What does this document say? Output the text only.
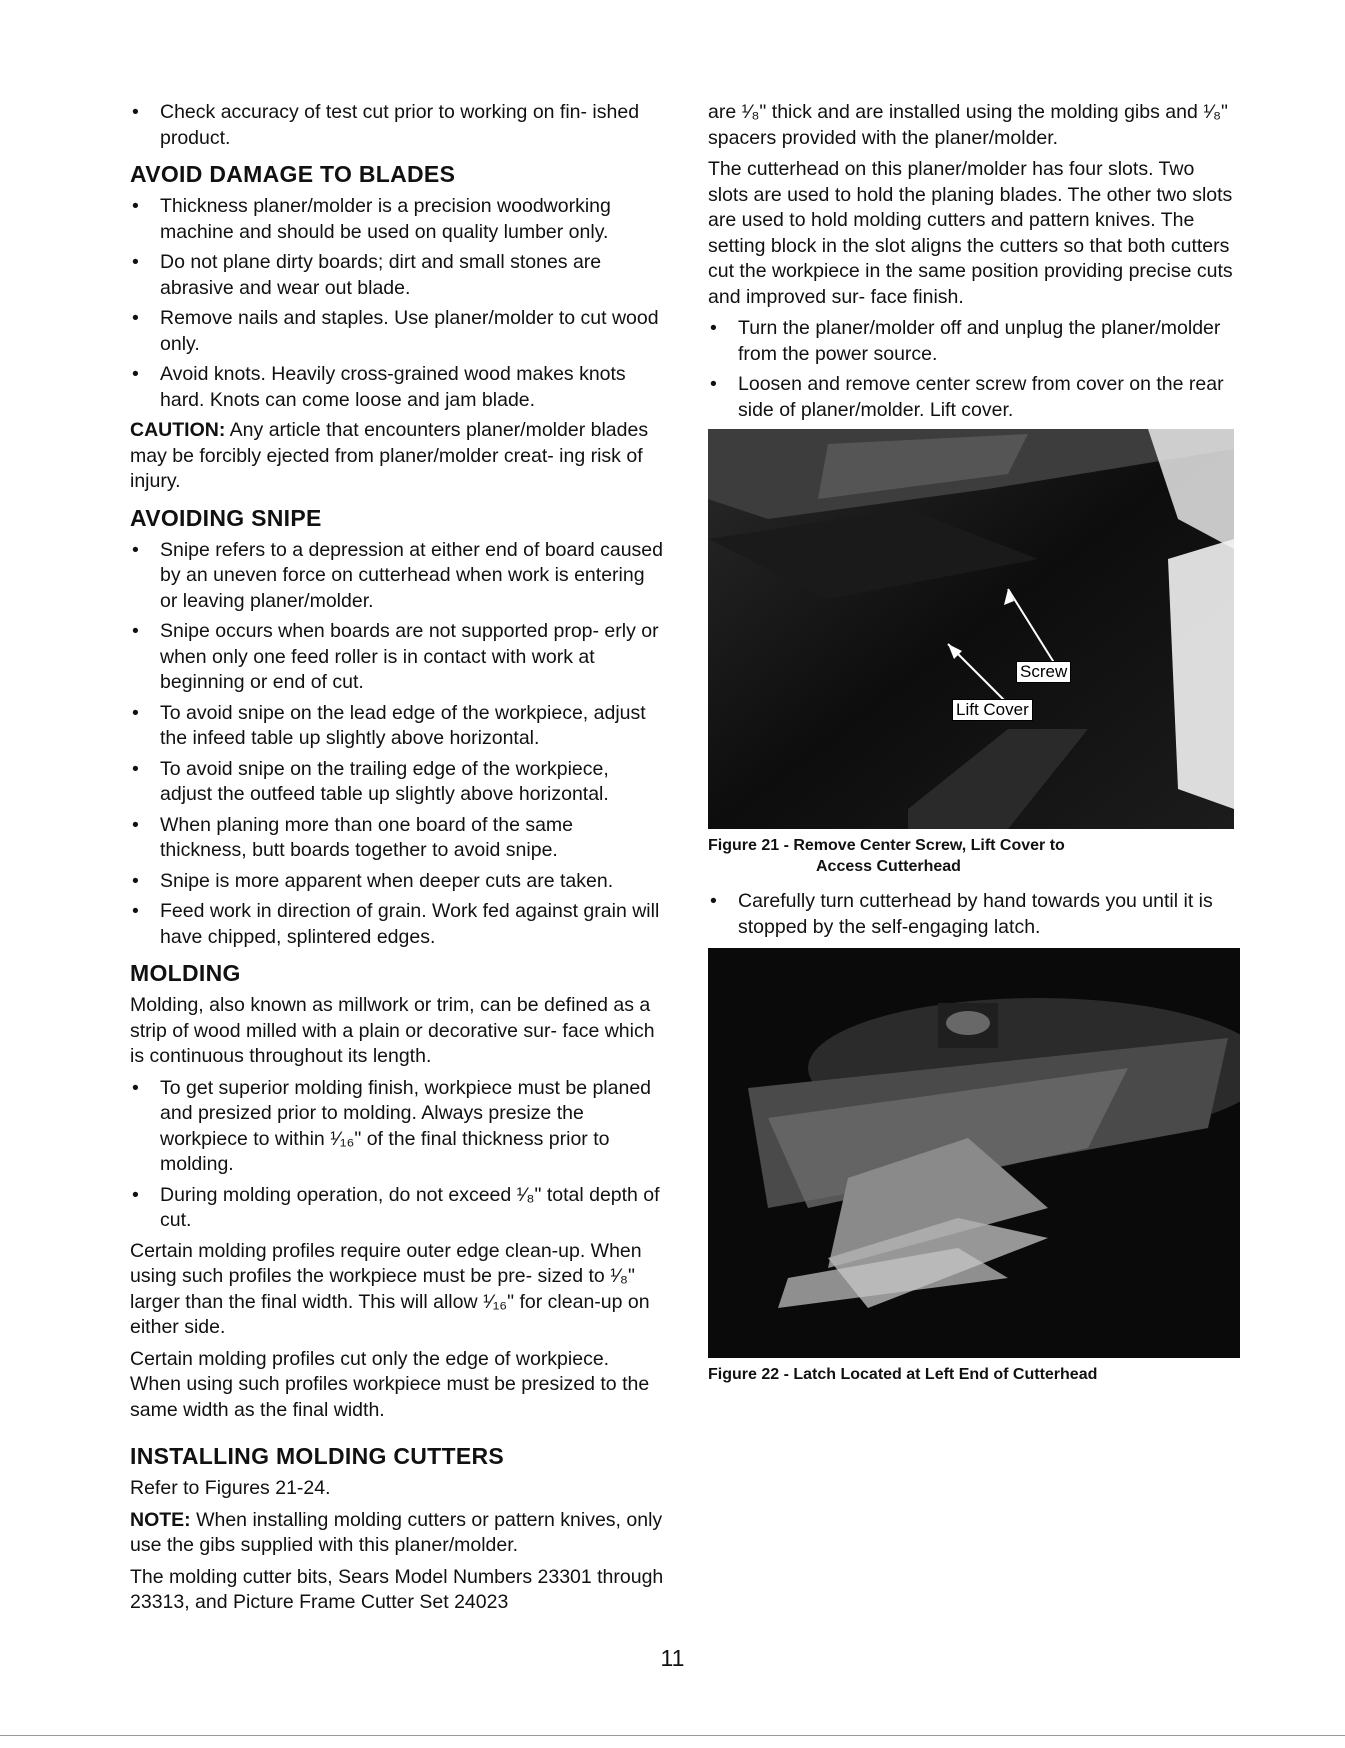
• Check accuracy of test cut prior to working on fin- ished product.
AVOID DAMAGE TO BLADES
• Thickness planer/molder is a precision woodworking machine and should be used on quality lumber only.
• Do not plane dirty boards; dirt and small stones are abrasive and wear out blade.
• Remove nails and staples. Use planer/molder to cut wood only.
• Avoid knots. Heavily cross-grained wood makes knots hard. Knots can come loose and jam blade.

CAUTION: Any article that encounters planer/molder blades may be forcibly ejected from planer/molder creat- ing risk of injury.

AVOIDING SNIPE
• Snipe refers to a depression at either end of board caused by an uneven force on cutterhead when work is entering or leaving planer/molder.
• Snipe occurs when boards are not supported prop- erly or when only one feed roller is in contact with work at beginning or end of cut.
• To avoid snipe on the lead edge of the workpiece, adjust the infeed table up slightly above horizontal.
• To avoid snipe on the trailing edge of the workpiece, adjust the outfeed table up slightly above horizontal.
• When planing more than one board of the same thickness, butt boards together to avoid snipe.
• Snipe is more apparent when deeper cuts are taken.
• Feed work in direction of grain. Work fed against grain will have chipped, splintered edges.
MOLDING

Molding, also known as millwork or trim, can be defined as a strip of wood milled with a plain or decorative sur- face which is continuous throughout its length.

• To get superior molding finish, workpiece must be planed and presized prior to molding. Always presize the workpiece to within ¹⁄₁₆" of the final thickness prior to molding.
• During molding operation, do not exceed ¹⁄₈" total depth of cut.

Certain molding profiles require outer edge clean-up. When using such profiles the workpiece must be pre- sized to ¹⁄₈" larger than the final width. This will allow ¹⁄₁₆" for clean-up on either side.

Certain molding profiles cut only the edge of workpiece. When using such profiles workpiece must be presized to the same width as the final width.

INSTALLING MOLDING CUTTERS

Refer to Figures 21-24.

NOTE: When installing molding cutters or pattern knives, only use the gibs supplied with this planer/molder.

The molding cutter bits, Sears Model Numbers 23301 through 23313, and Picture Frame Cutter Set 24023

are ¹⁄₈" thick and are installed using the molding gibs and ¹⁄₈" spacers provided with the planer/molder.

The cutterhead on this planer/molder has four slots. Two slots are used to hold the planing blades. The other two slots are used to hold molding cutters and pattern knives. The setting block in the slot aligns the cutters so that both cutters cut the workpiece in the same position providing precise cuts and improved sur- face finish.

• Turn the planer/molder off and unplug the planer/molder from the power source.
• Loosen and remove center screw from cover on the rear side of planer/molder. Lift cover.
Screw
Lift Cover
Figure 21 - Remove Center Screw, Lift Cover to
Access Cutterhead
• Carefully turn cutterhead by hand towards you until it is stopped by the self-engaging latch.
Figure 22 - Latch Located at Left End of Cutterhead
11
